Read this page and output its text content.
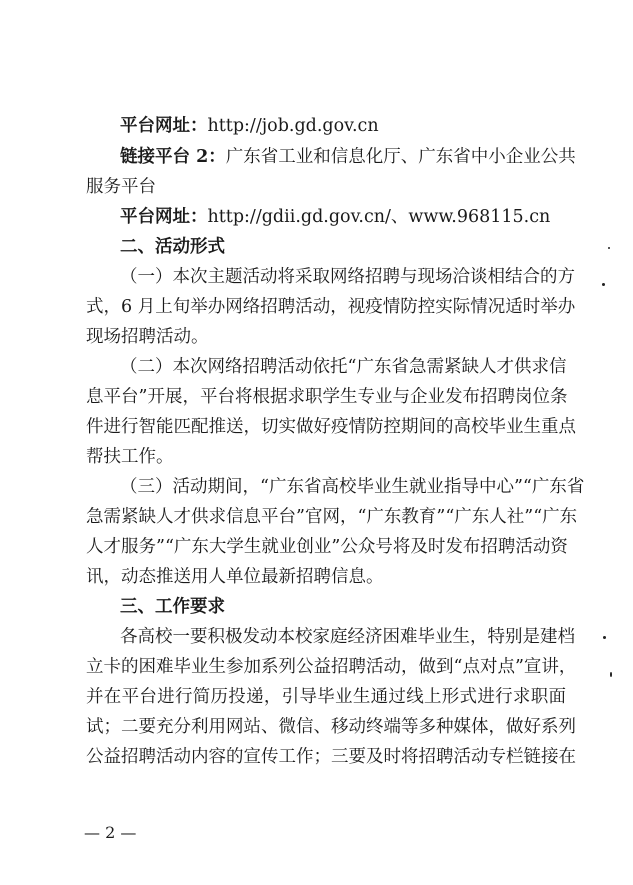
平台网址：http://job.gd.gov.cn
链接平台 2：广东省工业和信息化厅、广东省中小企业公共
服务平台
平台网址：http://gdii.gd.gov.cn/、www.968115.cn
二、活动形式
（一）本次主题活动将采取网络招聘与现场洽谈相结合的方
式，6 月上旬举办网络招聘活动，视疫情防控实际情况适时举办
现场招聘活动。
（二）本次网络招聘活动依托“广东省急需紧缺人才供求信
息平台”开展，平台将根据求职学生专业与企业发布招聘岗位条
件进行智能匹配推送，切实做好疫情防控期间的高校毕业生重点
帮扶工作。
（三）活动期间，“广东省高校毕业生就业指导中心”“广东省
急需紧缺人才供求信息平台”官网，“广东教育”“广东人社”“广东
人才服务”“广东大学生就业创业”公众号将及时发布招聘活动资
讯，动态推送用人单位最新招聘信息。
三、工作要求
各高校一要积极发动本校家庭经济困难毕业生，特别是建档
立卡的困难毕业生参加系列公益招聘活动，做到“点对点”宣讲，
并在平台进行简历投递，引导毕业生通过线上形式进行求职面
试；二要充分利用网站、微信、移动终端等多种媒体，做好系列
公益招聘活动内容的宣传工作；三要及时将招聘活动专栏链接在
— 2 —
